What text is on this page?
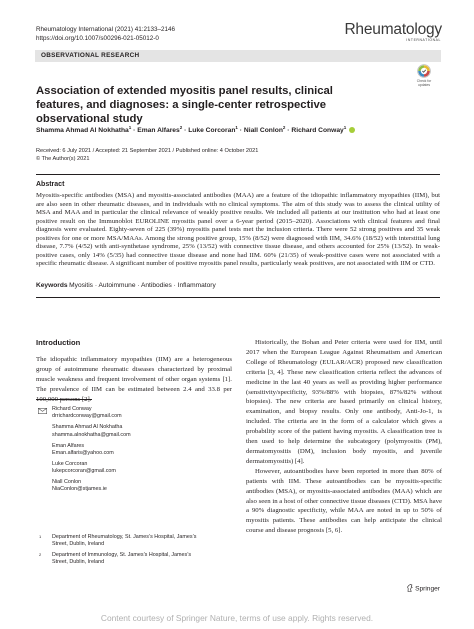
Rheumatology International (2021) 41:2133–2146
https://doi.org/10.1007/s00296-021-05012-0
Rheumatology
INTERNATIONAL
OBSERVATIONAL RESEARCH
Check for
updates
Association of extended myositis panel results, clinical features, and diagnoses: a single-center retrospective observational study
Shamma Ahmad Al Nokhatha$^1$ · Eman Alfares$^2$ · Luke Corcoran$^1$ · Niall Conlon$^2$ · Richard Conway$^1$
Received: 6 July 2021 / Accepted: 21 September 2021 / Published online: 4 October 2021
© The Author(s) 2021
Abstract

Myositis-specific antibodies (MSA) and myositis-associated antibodies (MAA) are a feature of the idiopathic inflammatory myopathies (IIM), but are also seen in other rheumatic diseases, and in individuals with no clinical symptoms. The aim of this study was to assess the clinical utility of MSA and MAA and in particular the clinical relevance of weakly positive results. We included all patients at our institution who had at least one positive result on the Immunoblot EUROLINE myositis panel over a 6-year period (2015–2020). Associations with clinical features and final diagnosis were evaluated. Eighty-seven of 225 (39%) myositis panel tests met the inclusion criteria. There were 52 strong positives and 35 weak positives for one or more MSA/MAAs. Among the strong positive group, 15% (8/52) were diagnosed with IIM, 34.6% (18/52) with interstitial lung disease, 7.7% (4/52) with anti-synthetase syndrome, 25% (13/52) with connective tissue disease, and others accounted for 25% (13/52). In weak-positive cases, only 14% (5/35) had connective tissue disease and none had IIM. 60% (21/35) of weak-positive cases were not associated with a specific rheumatic disease. A significant number of positive myositis panel results, particularly weak positives, are not associated with IIM or CTD.

Keywords Myositis · Autoimmune · Antibodies · Inflammatory
Introduction

The idiopathic inflammatory myopathies (IIM) are a heterogeneous group of autoimmune rheumatic diseases characterized by proximal muscle weakness and frequent involvement of other organ systems [1]. The prevalence of IIM can be estimated between 2.4 and 33.8 per 100,000 persons [2].

Richard Conway
drrichardconway@gmail.com
Shamma Ahmad Al Nokhatha
shamma.alnokhatha@gmail.com
Eman Alfares
Eman.alfaris@yahoo.com
Luke Corcoran
lukepcorcoran@gmail.com
Niall Conlon
NiaConlon@stjames.ie
1 Department of Rheumatology, St. James’s Hospital, James’s
Street, Dublin, Ireland
2 Department of Immunology, St. James’s Hospital, James’s
Street, Dublin, Ireland

Historically, the Bohan and Peter criteria were used for IIM, until 2017 when the European League Against Rheumatism and American College of Rheumatology (EULAR/ACR) proposed new classification criteria [3, 4]. These new classification criteria reflect the advances of medicine in the last 40 years as well as providing higher performance (sensitivity/specificity, 93%/88% with biopsies, 87%/82% without biopsies). The new criteria are based primarily on clinical history, examination, and biopsy results. Only one antibody, Anti-Jo-1, is included. The criteria are in the form of a calculator which gives a probability score of the patient having myositis. A classification tree is then used to help determine the subcategory (polymyositis (PM), dermatomyositis (DM), inclusion body myositis, and juvenile dermatomyositis) [4].

However, autoantibodies have been reported in more than 80% of patients with IIM. These autoantibodies can be myositis-specific antibodies (MSA), or myositis-associated antibodies (MAA) which are also seen in a host of other connective tissue diseases (CTD). MSA have a 90% diagnostic specificity, while MAA are noted in up to 50% of myositis patients. These antibodies can help anticipate the clinical course and disease prognosis [5, 6].

Springer
Content courtesy of Springer Nature, terms of use apply. Rights reserved.
